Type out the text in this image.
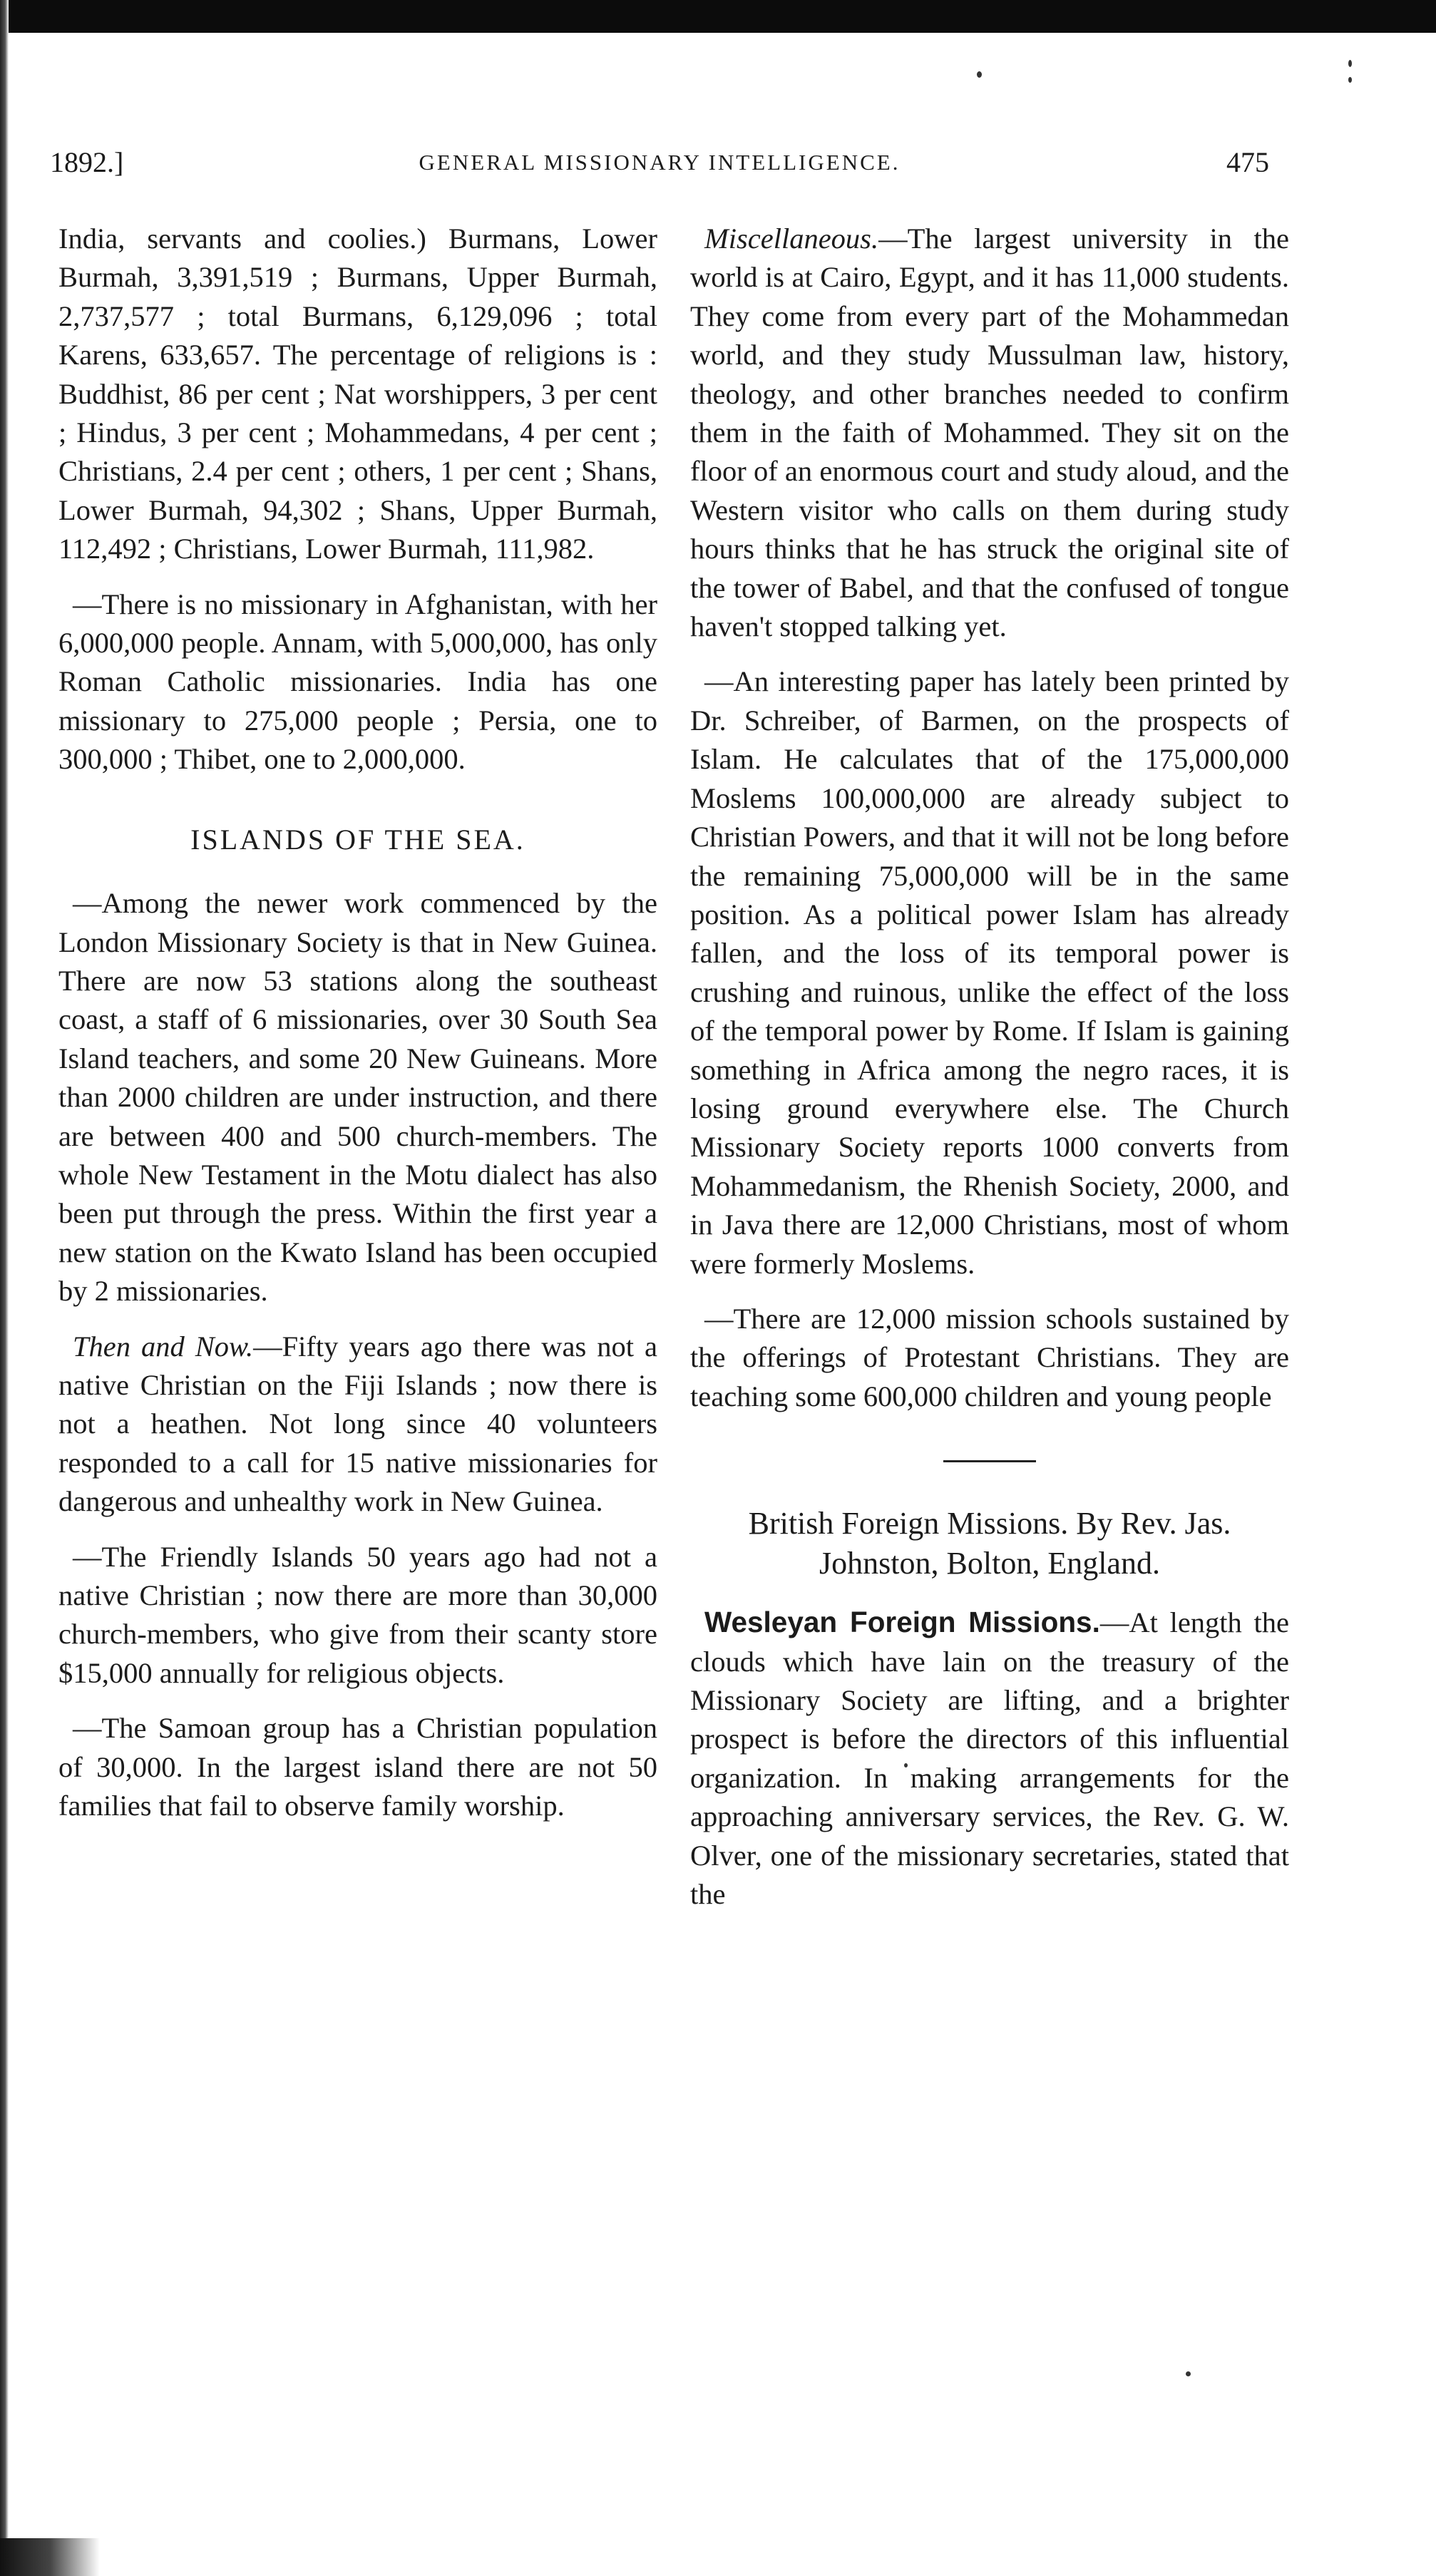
1892.]	GENERAL MISSIONARY INTELLIGENCE.	475

India, servants and coolies.) Burmans, Lower Burmah, 3,391,519 ; Burmans, Upper Burmah, 2,737,577 ; total Burmans, 6,129,096 ; total Karens, 633,657. The percentage of religions is : Buddhist, 86 per cent ; Nat worshippers, 3 per cent ; Hindus, 3 per cent ; Mohammedans, 4 per cent ; Christians, 2.4 per cent ; others, 1 per cent ; Shans, Lower Burmah, 94,302 ; Shans, Upper Burmah, 112,492 ; Christians, Lower Burmah, 111,982.

—There is no missionary in Afghanistan, with her 6,000,000 people. Annam, with 5,000,000, has only Roman Catholic missionaries. India has one missionary to 275,000 people ; Persia, one to 300,000 ; Thibet, one to 2,000,000.

ISLANDS OF THE SEA.

—Among the newer work commenced by the London Missionary Society is that in New Guinea. There are now 53 stations along the southeast coast, a staff of 6 missionaries, over 30 South Sea Island teachers, and some 20 New Guineans. More than 2000 children are under instruction, and there are between 400 and 500 church-members. The whole New Testament in the Motu dialect has also been put through the press. Within the first year a new station on the Kwato Island has been occupied by 2 missionaries.

Then and Now.—Fifty years ago there was not a native Christian on the Fiji Islands ; now there is not a heathen. Not long since 40 volunteers responded to a call for 15 native missionaries for dangerous and unhealthy work in New Guinea.

—The Friendly Islands 50 years ago had not a native Christian ; now there are more than 30,000 church-members, who give from their scanty store $15,000 annually for religious objects.

—The Samoan group has a Christian population of 30,000. In the largest island there are not 50 families that fail to observe family worship.

Miscellaneous.—The largest university in the world is at Cairo, Egypt, and it has 11,000 students. They come from every part of the Mohammedan world, and they study Mussulman law, history, theology, and other branches needed to confirm them in the faith of Mohammed. They sit on the floor of an enormous court and study aloud, and the Western visitor who calls on them during study hours thinks that he has struck the original site of the tower of Babel, and that the confused of tongue haven't stopped talking yet.

—An interesting paper has lately been printed by Dr. Schreiber, of Barmen, on the prospects of Islam. He calculates that of the 175,000,000 Moslems 100,000,000 are already subject to Christian Powers, and that it will not be long before the remaining 75,000,000 will be in the same position. As a political power Islam has already fallen, and the loss of its temporal power is crushing and ruinous, unlike the effect of the loss of the temporal power by Rome. If Islam is gaining something in Africa among the negro races, it is losing ground everywhere else. The Church Missionary Society reports 1000 converts from Mohammedanism, the Rhenish Society, 2000, and in Java there are 12,000 Christians, most of whom were formerly Moslems.

—There are 12,000 mission schools sustained by the offerings of Protestant Christians. They are teaching some 600,000 children and young people

British Foreign Missions. By Rev. Jas.
Johnston, Bolton, England.

Wesleyan Foreign Missions.—At length the clouds which have lain on the treasury of the Missionary Society are lifting, and a brighter prospect is before the directors of this influential organization. In making arrangements for the approaching anniversary services, the Rev. G. W. Olver, one of the missionary secretaries, stated that the
